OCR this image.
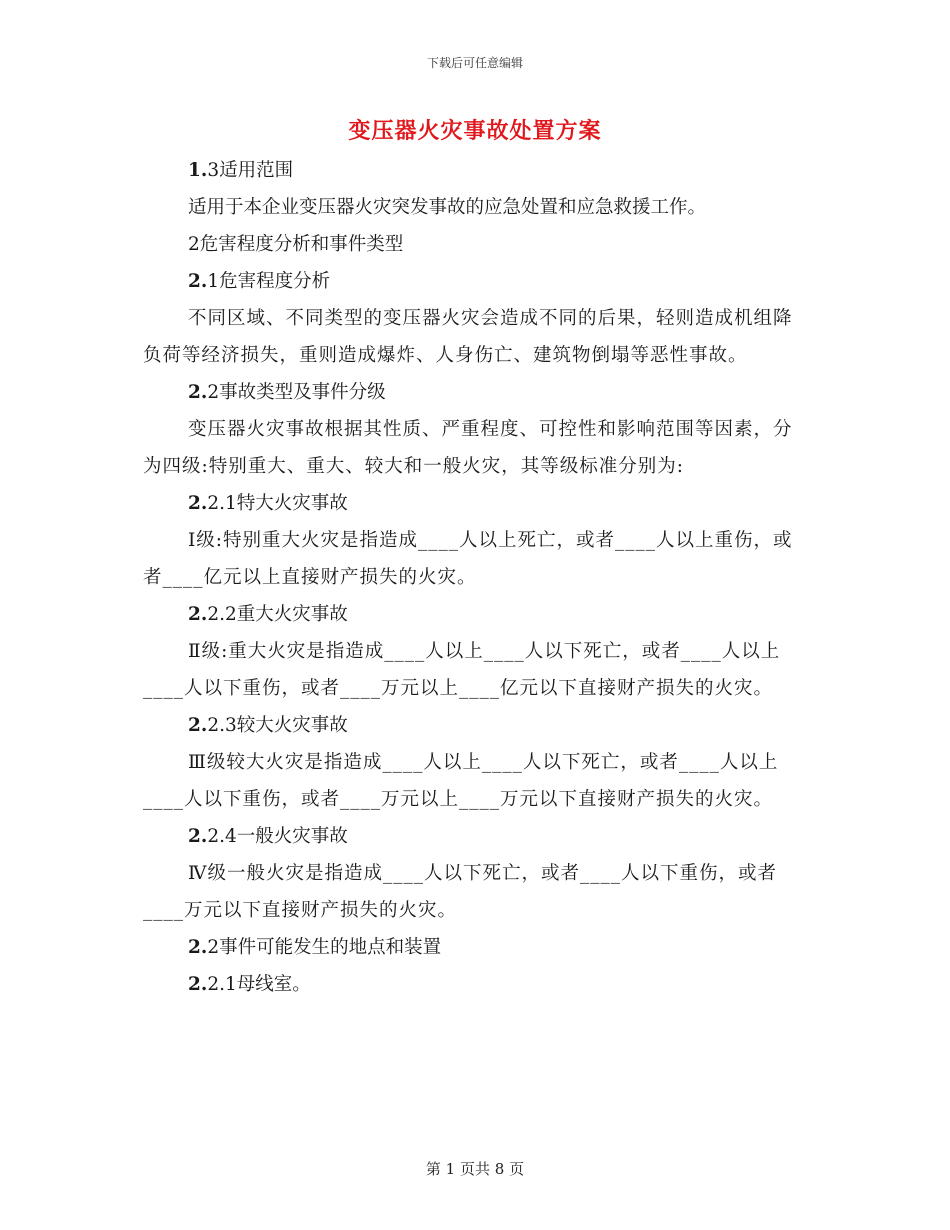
下载后可任意编辑
变压器火灾事故处置方案

1.3适用范围

适用于本企业变压器火灾突发事故的应急处置和应急救援工作。

2危害程度分析和事件类型

2.1危害程度分析

不同区域、不同类型的变压器火灾会造成不同的后果，轻则造成机组降负荷等经济损失，重则造成爆炸、人身伤亡、建筑物倒塌等恶性事故。

2.2事故类型及事件分级

变压器火灾事故根据其性质、严重程度、可控性和影响范围等因素，分为四级:特别重大、重大、较大和一般火灾，其等级标准分别为:

2.2.1特大火灾事故

Ⅰ级:特别重大火灾是指造成____人以上死亡，或者____人以上重伤，或者____亿元以上直接财产损失的火灾。

2.2.2重大火灾事故

Ⅱ级:重大火灾是指造成____人以上____人以下死亡，或者____人以上____人以下重伤，或者____万元以上____亿元以下直接财产损失的火灾。

2.2.3较大火灾事故

Ⅲ级较大火灾是指造成____人以上____人以下死亡，或者____人以上____人以下重伤，或者____万元以上____万元以下直接财产损失的火灾。

2.2.4一般火灾事故

Ⅳ级一般火灾是指造成____人以下死亡，或者____人以下重伤，或者____万元以下直接财产损失的火灾。

2.2事件可能发生的地点和装置

2.2.1母线室。

第 1 页共 8 页
